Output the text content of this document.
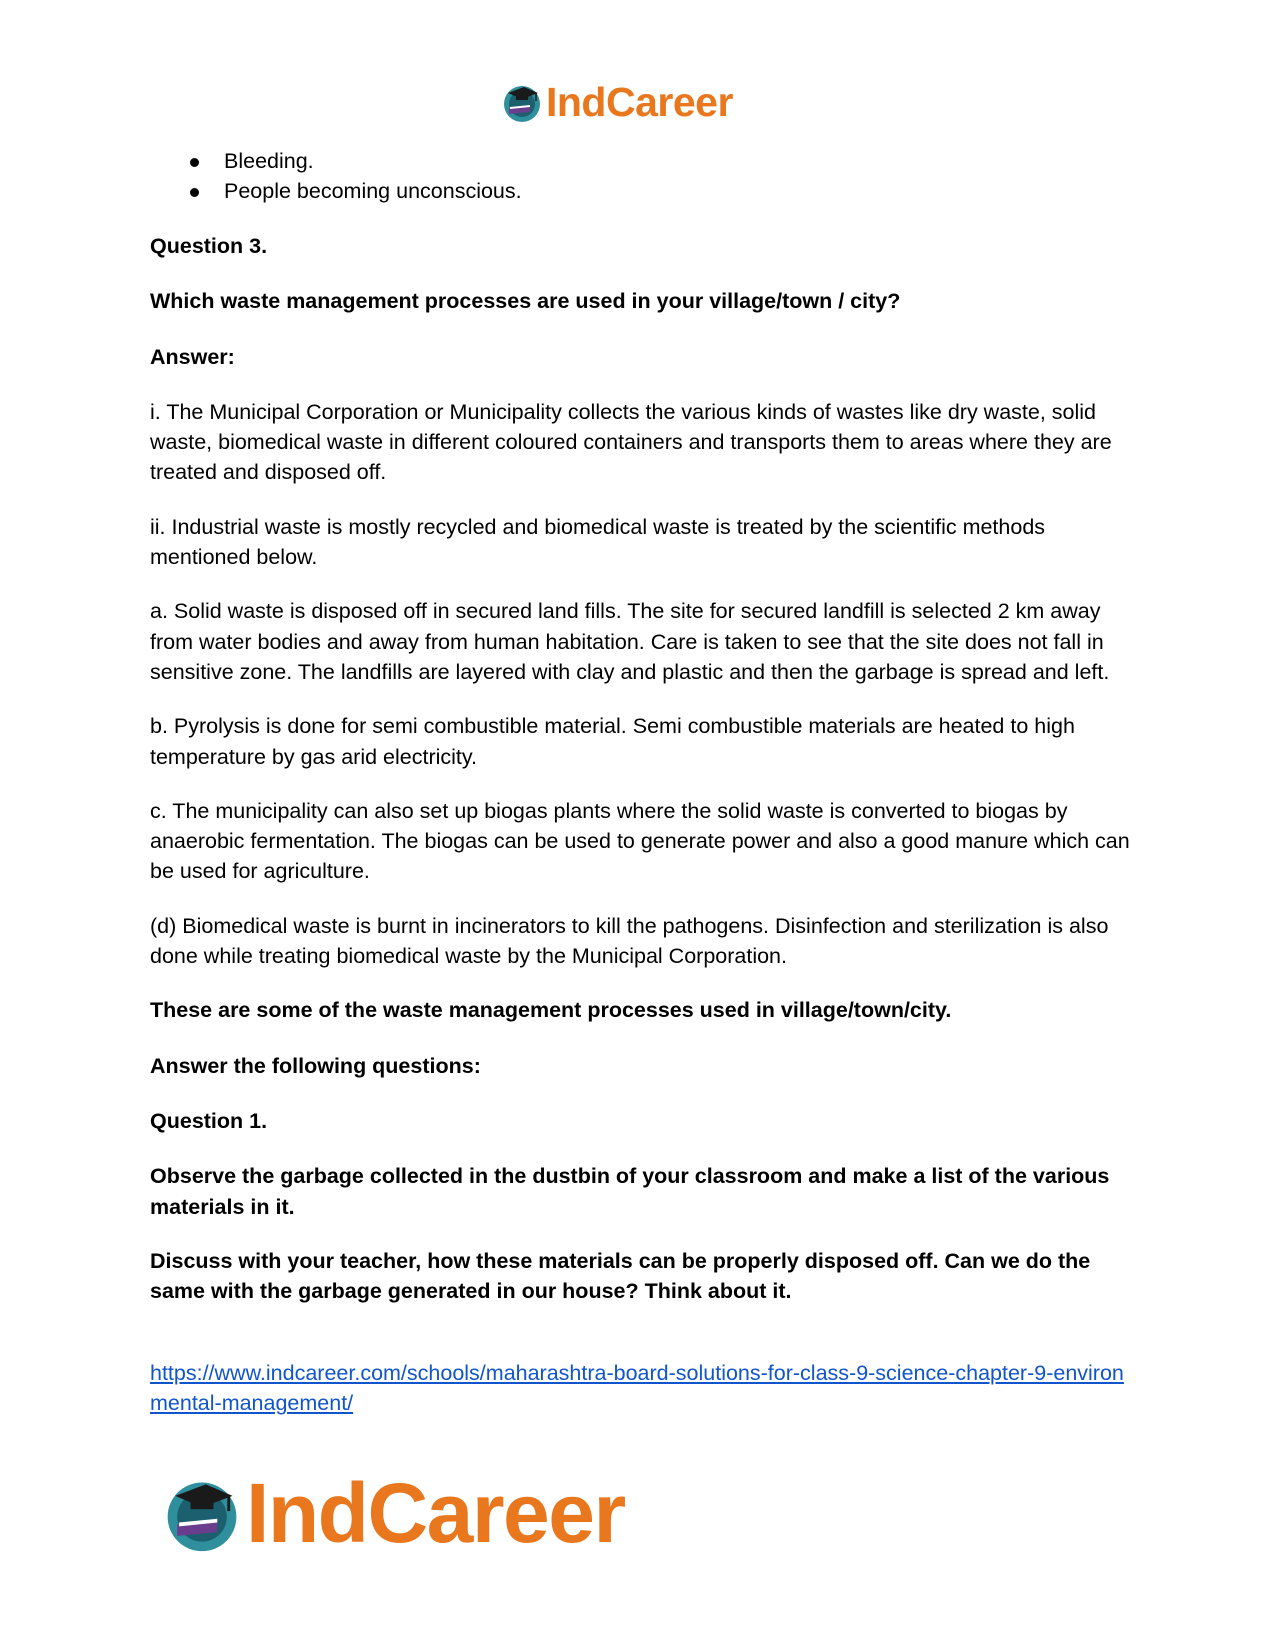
IndCareer
Bleeding.
People becoming unconscious.

Question 3.

Which waste management processes are used in your village/town / city?

Answer:

i. The Municipal Corporation or Municipality collects the various kinds of wastes like dry waste, solid waste, biomedical waste in different coloured containers and transports them to areas where they are treated and disposed off.

ii. Industrial waste is mostly recycled and biomedical waste is treated by the scientific methods mentioned below.

a. Solid waste is disposed off in secured land fills. The site for secured landfill is selected 2 km away from water bodies and away from human habitation. Care is taken to see that the site does not fall in sensitive zone. The landfills are layered with clay and plastic and then the garbage is spread and left.

b. Pyrolysis is done for semi combustible material. Semi combustible materials are heated to high temperature by gas arid electricity.

c. The municipality can also set up biogas plants where the solid waste is converted to biogas by anaerobic fermentation. The biogas can be used to generate power and also a good manure which can be used for agriculture.

(d) Biomedical waste is burnt in incinerators to kill the pathogens. Disinfection and sterilization is also done while treating biomedical waste by the Municipal Corporation.

These are some of the waste management processes used in village/town/city.

Answer the following questions:

Question 1.

Observe the garbage collected in the dustbin of your classroom and make a list of the various materials in it.

Discuss with your teacher, how these materials can be properly disposed off. Can we do the same with the garbage generated in our house? Think about it.

https://www.indcareer.com/schools/maharashtra-board-solutions-for-class-9-science-chapter-9-environmental-management/
IndCareer
